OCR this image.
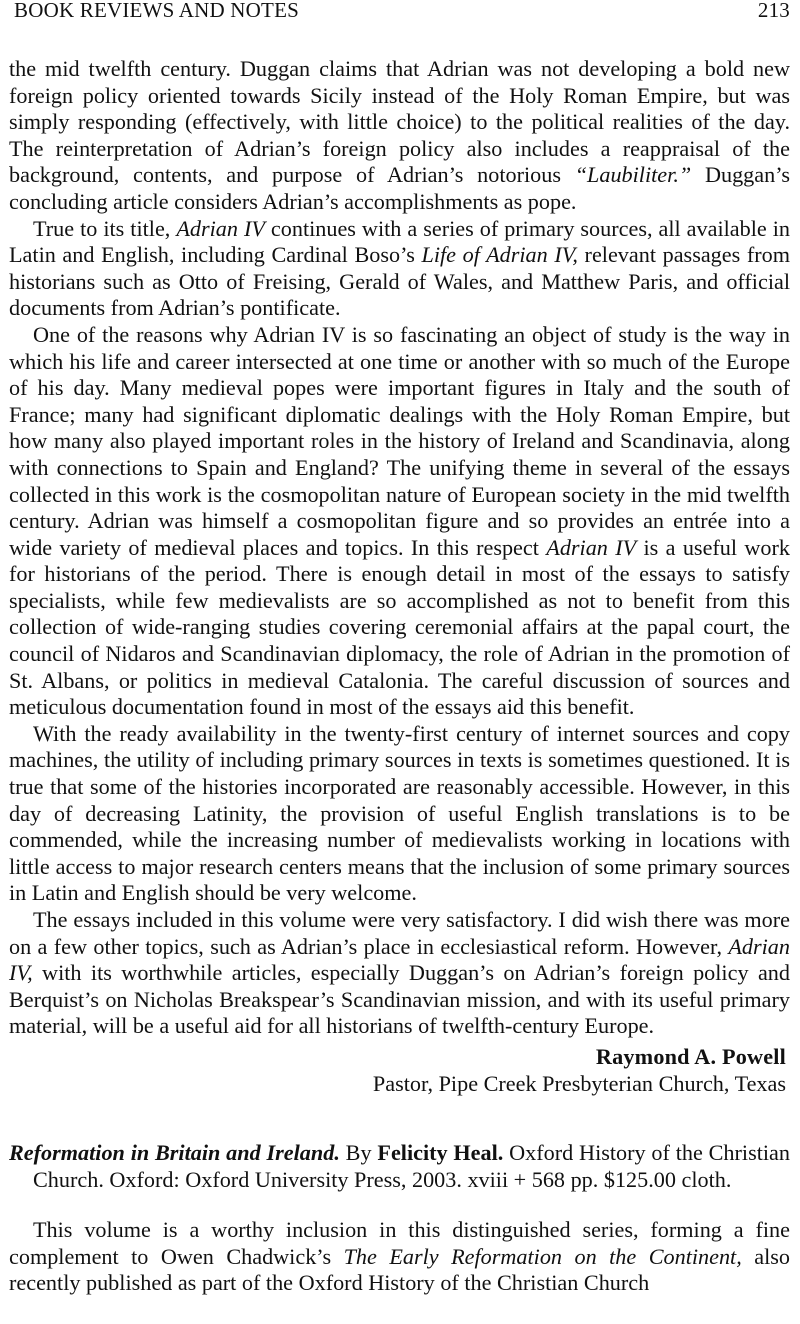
BOOK REVIEWS AND NOTES	213

the mid twelfth century. Duggan claims that Adrian was not developing a bold new foreign policy oriented towards Sicily instead of the Holy Roman Empire, but was simply responding (effectively, with little choice) to the political realities of the day. The reinterpretation of Adrian’s foreign policy also includes a reappraisal of the background, contents, and purpose of Adrian’s notorious “Laubiliter.” Duggan’s concluding article considers Adrian’s accomplishments as pope.

True to its title, Adrian IV continues with a series of primary sources, all available in Latin and English, including Cardinal Boso’s Life of Adrian IV, relevant passages from historians such as Otto of Freising, Gerald of Wales, and Matthew Paris, and official documents from Adrian’s pontificate.

One of the reasons why Adrian IV is so fascinating an object of study is the way in which his life and career intersected at one time or another with so much of the Europe of his day. Many medieval popes were important figures in Italy and the south of France; many had significant diplomatic dealings with the Holy Roman Empire, but how many also played important roles in the history of Ireland and Scandinavia, along with connections to Spain and England? The unifying theme in several of the essays collected in this work is the cosmopolitan nature of European society in the mid twelfth century. Adrian was himself a cosmopolitan figure and so provides an entrée into a wide variety of medieval places and topics. In this respect Adrian IV is a useful work for historians of the period. There is enough detail in most of the essays to satisfy specialists, while few medievalists are so accomplished as not to benefit from this collection of wide-ranging studies covering ceremonial affairs at the papal court, the council of Nidaros and Scandinavian diplomacy, the role of Adrian in the promotion of St. Albans, or politics in medieval Catalonia. The careful discussion of sources and meticulous documentation found in most of the essays aid this benefit.

With the ready availability in the twenty-first century of internet sources and copy machines, the utility of including primary sources in texts is sometimes questioned. It is true that some of the histories incorporated are reasonably accessible. However, in this day of decreasing Latinity, the provision of useful English translations is to be commended, while the increasing number of medievalists working in locations with little access to major research centers means that the inclusion of some primary sources in Latin and English should be very welcome.

The essays included in this volume were very satisfactory. I did wish there was more on a few other topics, such as Adrian’s place in ecclesiastical reform. However, Adrian IV, with its worthwhile articles, especially Duggan’s on Adrian’s foreign policy and Berquist’s on Nicholas Breakspear’s Scandinavian mission, and with its useful primary material, will be a useful aid for all historians of twelfth-century Europe.

Raymond A. Powell
Pastor, Pipe Creek Presbyterian Church, Texas
Reformation in Britain and Ireland. By Felicity Heal. Oxford History of the Christian Church. Oxford: Oxford University Press, 2003. xviii + 568 pp. $125.00 cloth.

This volume is a worthy inclusion in this distinguished series, forming a fine complement to Owen Chadwick’s The Early Reformation on the Continent, also recently published as part of the Oxford History of the Christian Church
